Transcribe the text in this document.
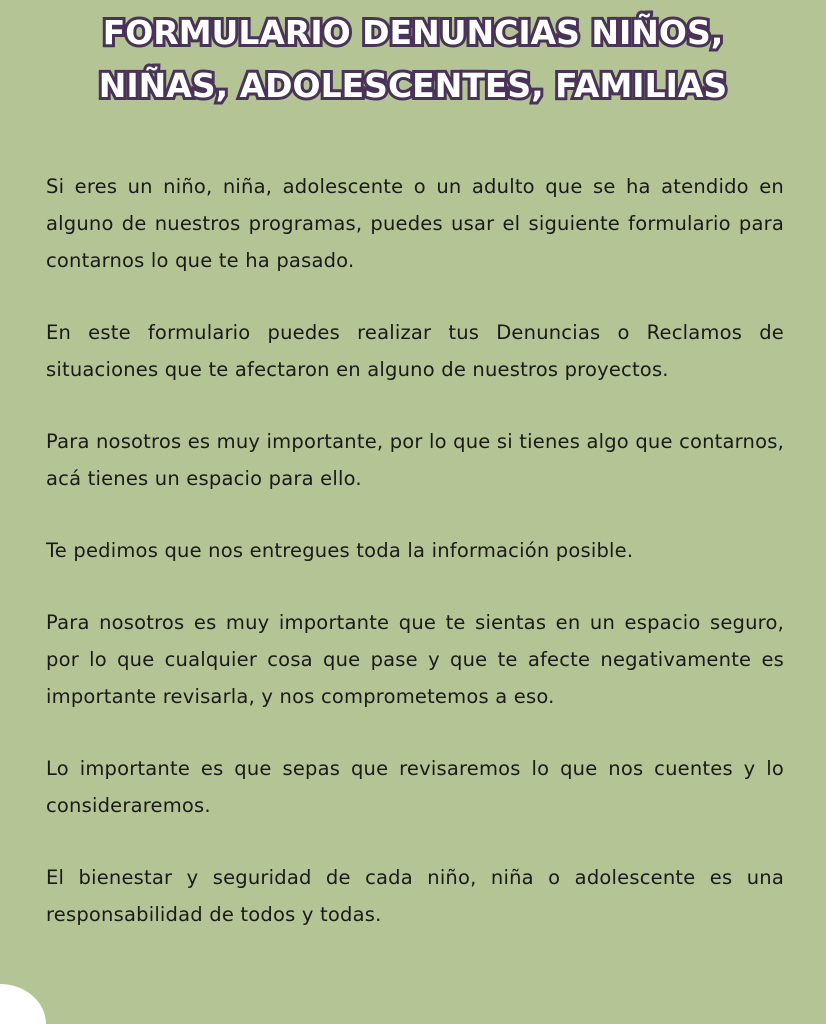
FORMULARIO DENUNCIAS NIÑOS,
NIÑAS, ADOLESCENTES, FAMILIAS

Si eres un niño, niña, adolescente o un adulto que se ha atendido en alguno de nuestros programas, puedes usar el siguiente formulario para contarnos lo que te ha pasado.

En este formulario puedes realizar tus Denuncias o Reclamos de situaciones que te afectaron en alguno de nuestros proyectos.

Para nosotros es muy importante, por lo que si tienes algo que contarnos, acá tienes un espacio para ello.

Te pedimos que nos entregues toda la información posible.

Para nosotros es muy importante que te sientas en un espacio seguro, por lo que cualquier cosa que pase y que te afecte negativamente es importante revisarla, y nos comprometemos a eso.

Lo importante es que sepas que revisaremos lo que nos cuentes y lo consideraremos.

El bienestar y seguridad de cada niño, niña o adolescente es una responsabilidad de todos y todas.
